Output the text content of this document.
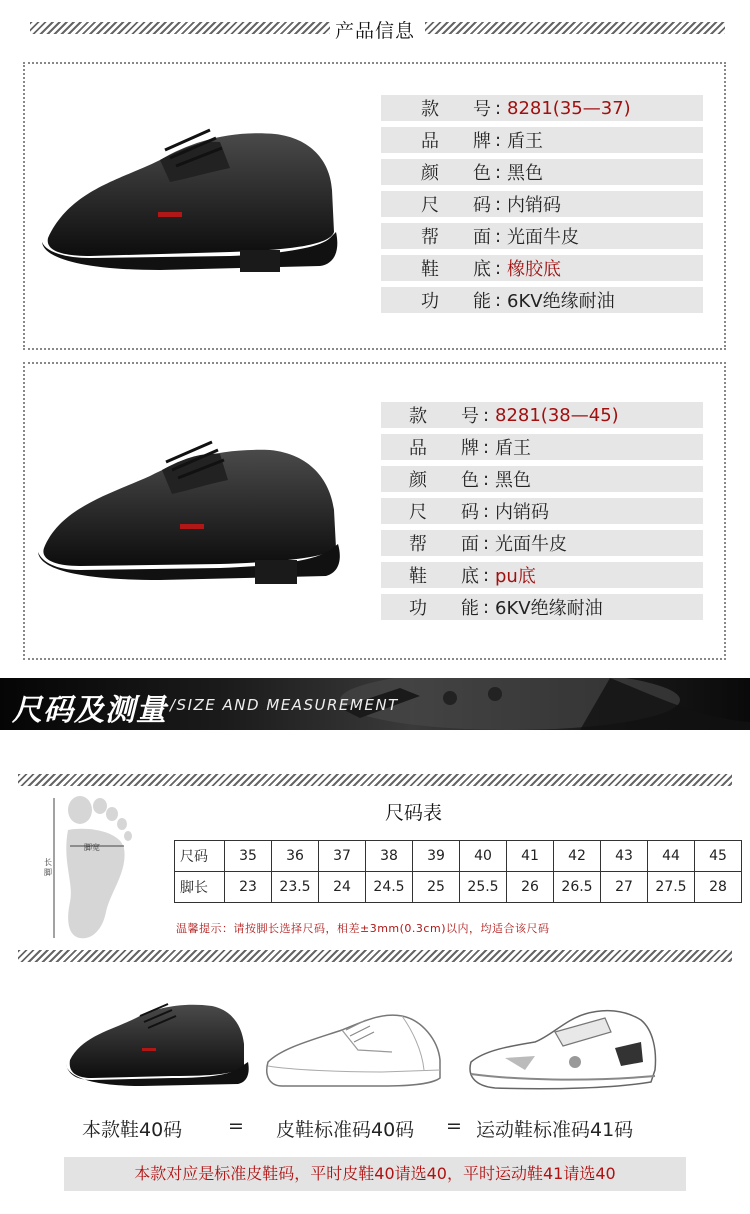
产品信息
款 号 : 8281(35—37)
品 牌 : 盾王
颜 色 : 黑色
尺 码 : 内销码
帮 面 : 光面牛皮
鞋 底 : 橡胶底
功 能 : 6KV绝缘耐油
款 号 : 8281(38—45)
品 牌 : 盾王
颜 色 : 黑色
尺 码 : 内销码
帮 面 : 光面牛皮
鞋 底 : pu底
功 能 : 6KV绝缘耐油
尺码及测量 /SIZE AND MEASUREMENT
脚宽
长脚
尺码表
尺码	35	36	37	38	39	40	41	42	43	44	45
脚长	23	23.5	24	24.5	25	25.5	26	26.5	27	27.5	28
温馨提示：请按脚长选择尺码，相差±3mm(0.3cm)以内，均适合该尺码
本款鞋40码 = 皮鞋标准码40码 = 运动鞋标准码41码
本款对应是标准皮鞋码，平时皮鞋40请选40，平时运动鞋41请选40
